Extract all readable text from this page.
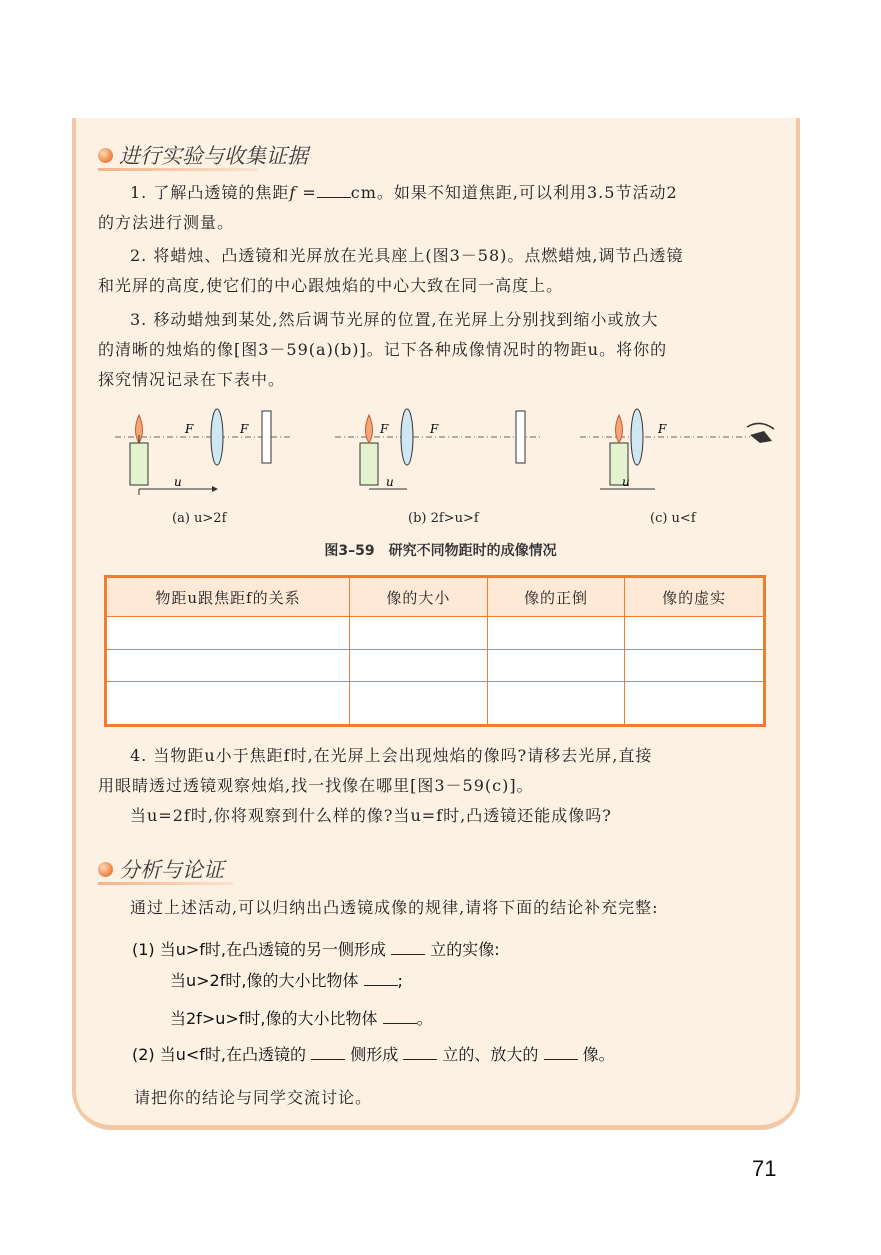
进行实验与收集证据
1. 了解凸透镜的焦距f = cm。如果不知道焦距,可以利用3.5节活动2
的方法进行测量。
2. 将蜡烛、凸透镜和光屏放在光具座上(图3－58)。点燃蜡烛,调节凸透镜
和光屏的高度,使它们的中心跟烛焰的中心大致在同一高度上。
3. 移动蜡烛到某处,然后调节光屏的位置,在光屏上分别找到缩小或放大
的清晰的烛焰的像[图3－59(a)(b)]。记下各种成像情况时的物距u。将你的
探究情况记录在下表中。
F	F
u
F	F
u
F
u
(a) u>2f	(b) 2f>u>f	(c) u<f
图3–59　研究不同物距时的成像情况
物距u跟焦距f的关系	像的大小	像的正倒	像的虚实

4. 当物距u小于焦距f时,在光屏上会出现烛焰的像吗?请移去光屏,直接
用眼睛透过透镜观察烛焰,找一找像在哪里[图3－59(c)]。
当u=2f时,你将观察到什么样的像?当u=f时,凸透镜还能成像吗?
分析与论证
通过上述活动,可以归纳出凸透镜成像的规律,请将下面的结论补充完整:
(1) 当u>f时,在凸透镜的另一侧形成	立的实像:
当u>2f时,像的大小比物体 ;
当2f>u>f时,像的大小比物体 。
(2) 当u<f时,在凸透镜的	侧形成	立的、放大的	像。
请把你的结论与同学交流讨论。
71
